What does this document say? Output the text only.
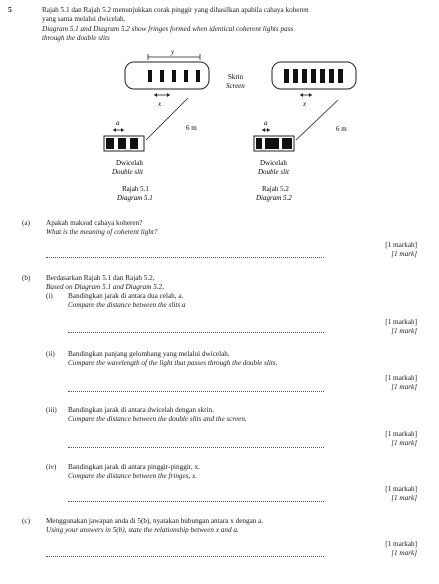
5	Rajah 5.1 dan Rajah 5.2 menunjukkan corak pinggir yang dihasilkan apabila cahaya koheren
yang sama melalui dwicelah.
Diagram 5.1 and Diagram 5.2 show fringes formed when identical coherent lights pass
through the double slits
y
x
Skrin
Screen
x
a
6 m
Dwicelah
Double slit
Rajah 5.1
Diagram 5.1
a
6 m
Dwicelah
Double slit
Rajah 5.2
Diagram 5.2
(a) Apakah maksud cahaya koheren?
What is the meaning of coherent light?
[1 markah]
[1 mark]
(b) Berdasarkan Rajah 5.1 dan Rajah 5.2,
Based on Diagram 5.1 and Diagram 5.2,
(i) Bandingkan jarak di antara dua celah, a.
Compare the distance between the slits a
[1 markah]
[1 mark]
(ii) Bandingkan panjang gelombang yang melalui dwicelah.
Compare the wavelength of the light that passes through the double slits.
[1 markah]
[1 mark]
(iii) Bandingkan jarak di antara dwicelah dengan skrin.
Compare the distance between the double slits and the screen.
[1 markah]
[1 mark]
(iv) Bandingkan jarak di antara pinggir-pinggir, x.
Compare the distance between the fringes, x.
[1 markah]
[1 mark]
(c) Menggunakan jawapan anda di 5(b), nyatakan hubungan antara x dengan a.
Using your answers in 5(b), state the relationship between x and a.
[1 markah]
[1 mark]
